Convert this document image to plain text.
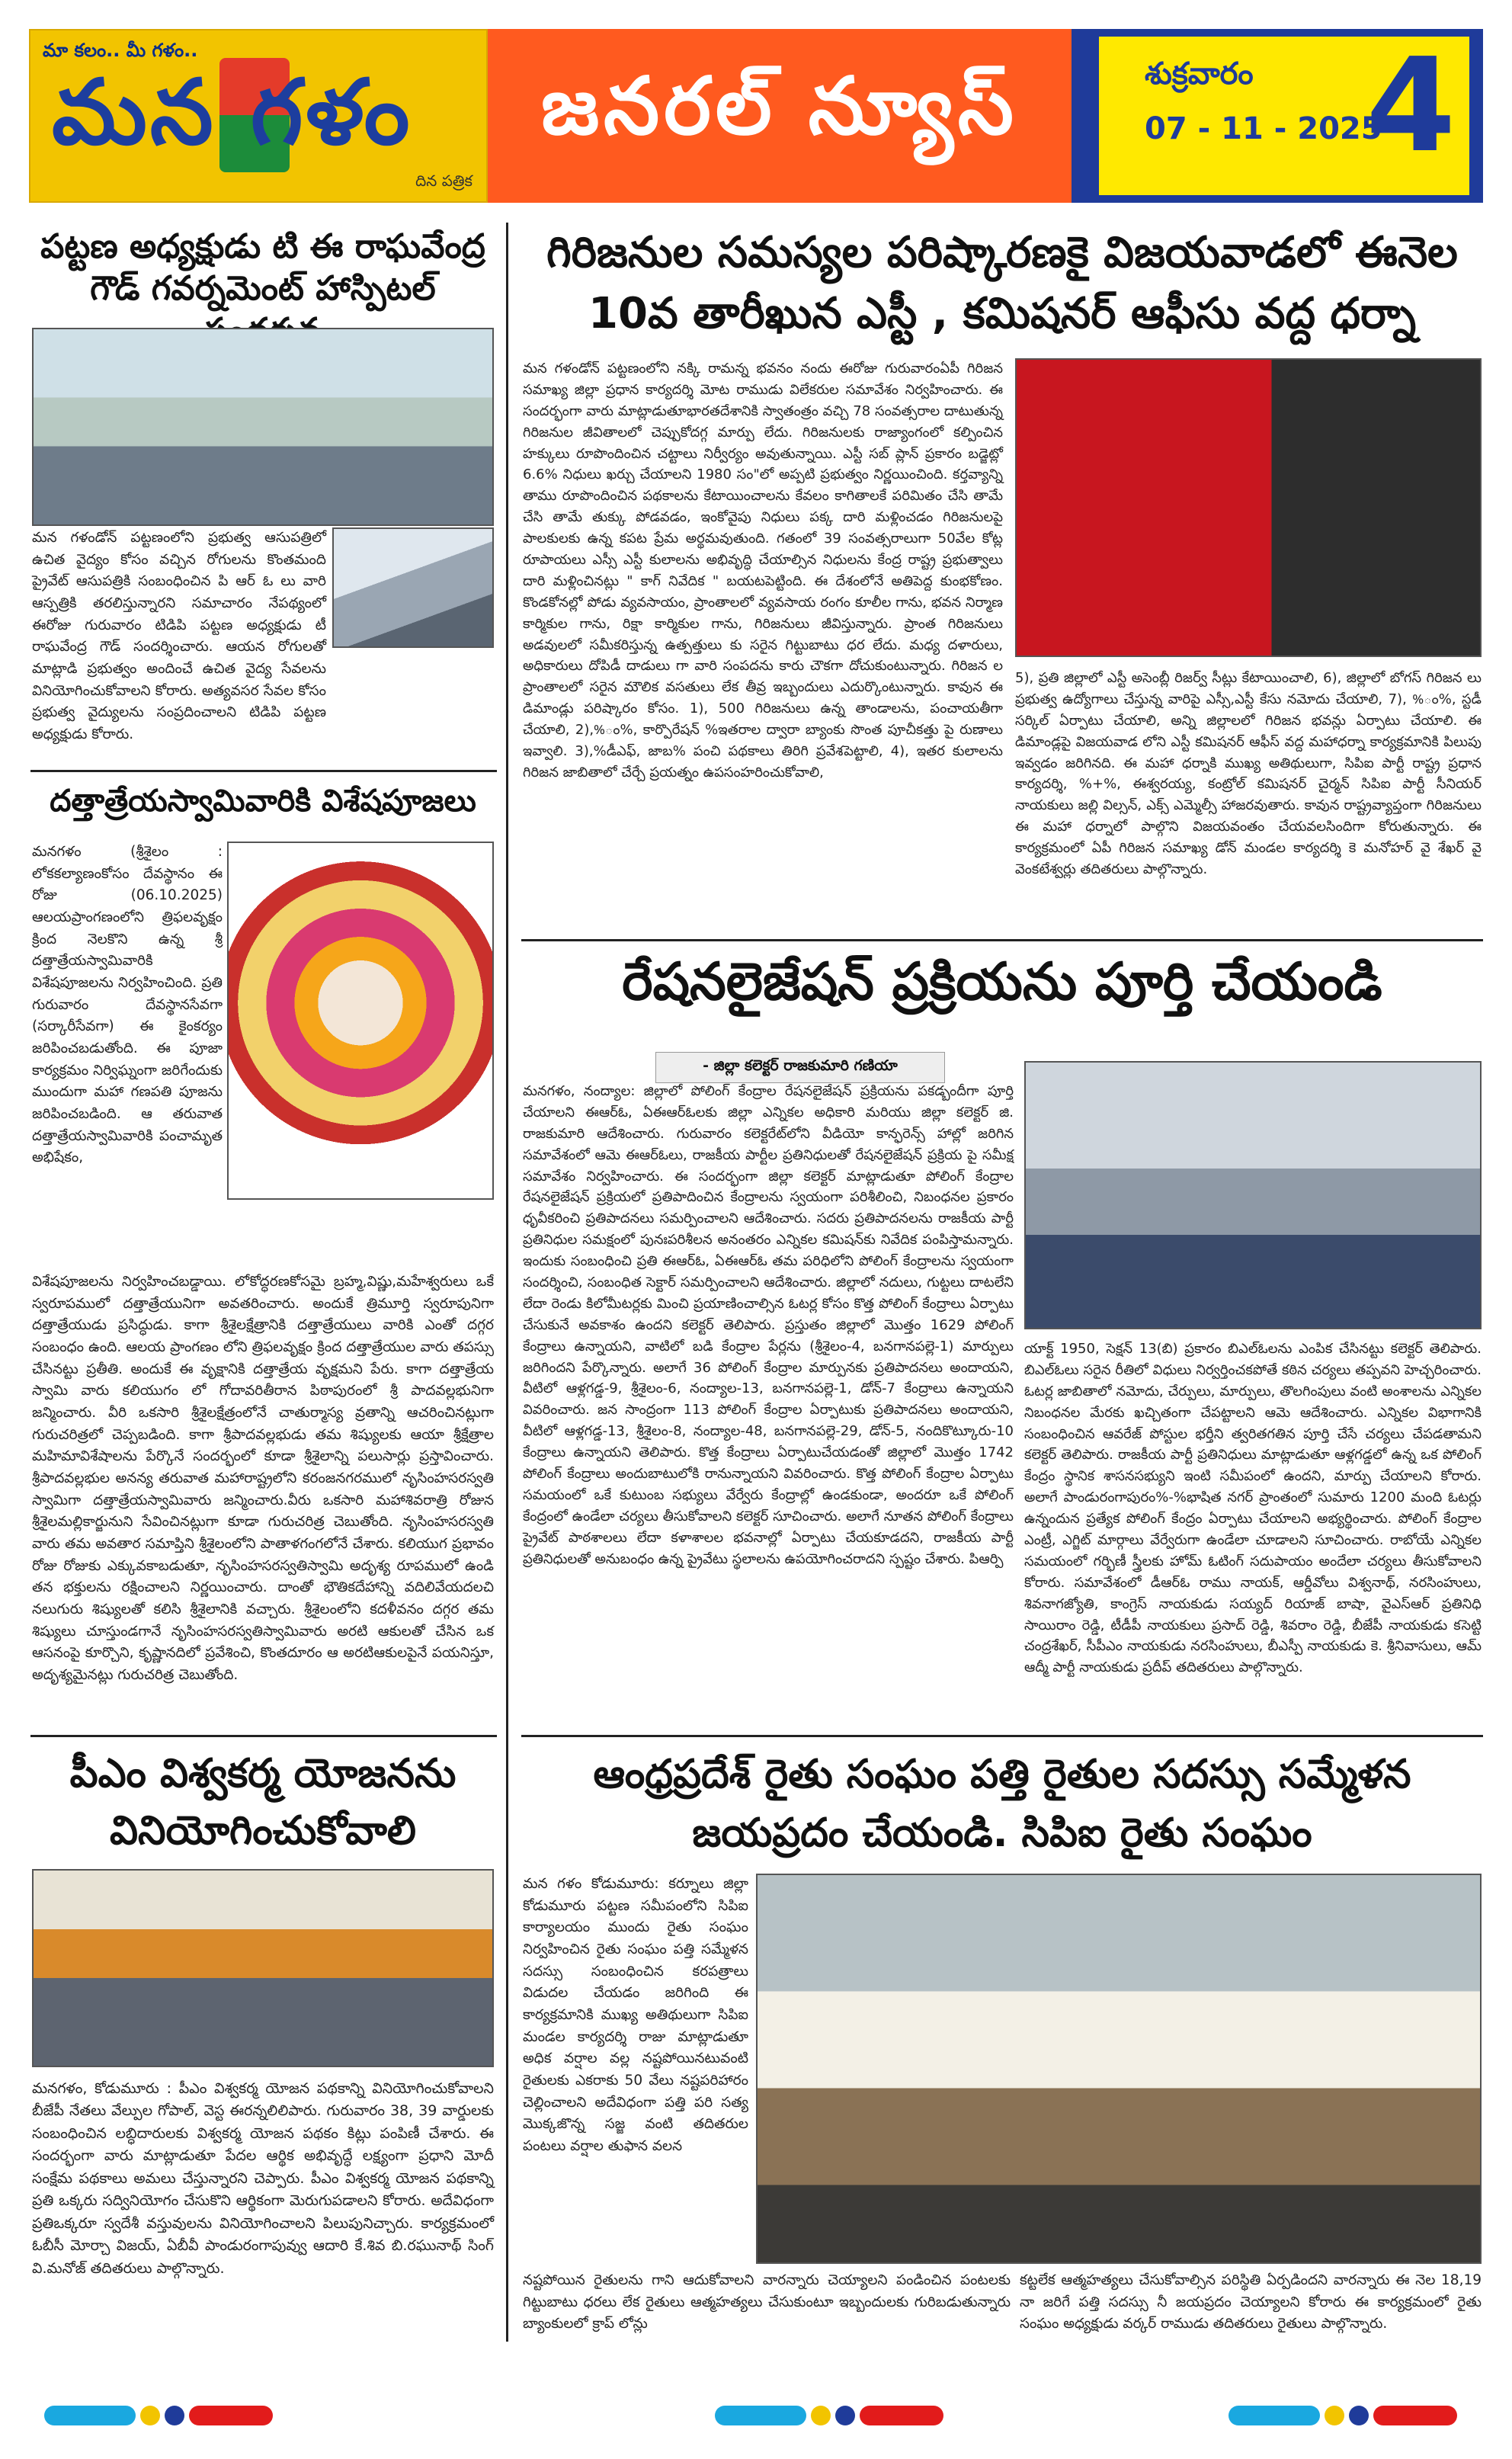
మా కలం.. మీ గళం..
మన గళం
దిన పత్రిక
జనరల్ న్యూస్	శుక్రవారం
07 - 11 - 2025
4
పట్టణ అధ్యక్షుడు టి ఈ రాఘవేంద్ర గౌడ్ గవర్నమెంట్ హాస్పిటల్
మన గళండోన్ పట్టణంలోని ప్రభుత్వ ఆసుపత్రిలో ఉచిత వైద్యం కోసం వచ్చిన రోగులను కొంతమంది ప్రైవేట్ ఆసుపత్రికి సంబంధించిన పి ఆర్ ఓ లు వారి ఆస్పత్రికి తరలిస్తున్నారని సమాచారం నేపథ్యంలో ఈరోజు గురువారం టిడిపి పట్టణ అధ్యక్షుడు టీ రాఘవేంద్ర గౌడ్ సందర్శించారు. ఆయన రోగులతో మాట్లాడి ప్రభుత్వం అందించే ఉచిత వైద్య సేవలను వినియోగించుకోవాలని కోరారు. అత్యవసర సేవల కోసం ప్రభుత్వ వైద్యులను సంప్రదించాలని టిడిపి పట్టణ అధ్యక్షుడు కోరారు.
దత్తాత్రేయస్వామివారికి విశేషపూజలు
మనగళం (శ్రీశైలం : లోకకల్యాణంకోసం దేవస్థానం ఈ రోజు (06.10.2025) ఆలయప్రాంగణంలోని త్రిఫలవృక్షం క్రింద నెలకొని ఉన్న శ్రీ దత్తాత్రేయస్వామివారికి విశేషపూజలను నిర్వహించింది. ప్రతి గురువారం దేవస్థానసేవగా (సర్కారీసేవగా) ఈ కైంకర్యం జరిపించబడుతోంది. ఈ పూజా కార్యక్రమం నిర్విఘ్నంగా జరిగేందుకు ముందుగా మహా గణపతి పూజను జరిపించబడింది. ఆ తరువాత దత్తాత్రేయస్వామివారికి పంచామృత అభిషేకం,
విశేషపూజలను నిర్వహించబడ్డాయి. లోకోద్ధరణకోసమై బ్రహ్మ,విష్ణు,మహేశ్వరులు ఒకే స్వరూపములో దత్తాత్రేయునిగా అవతరించారు. అందుకే త్రిమూర్తి స్వరూపునిగా దత్తాత్రేయుడు ప్రసిద్ధుడు. కాగా శ్రీశైలక్షేత్రానికి దత్తాత్రేయులు వారికి ఎంతో దగ్గర సంబంధం ఉంది. ఆలయ ప్రాంగణం లోని త్రిఫలవృక్షం క్రింద దత్తాత్రేయుల వారు తపస్సు చేసినట్టు ప్రతీతి. అందుకే ఈ వృక్షానికి దత్తాత్రేయ వృక్షమని పేరు. కాగా దత్తాత్రేయ స్వామి వారు కలియుగం లో గోదావరితీరాన పిఠాపురంలో శ్రీ పాదవల్లభునిగా జన్మించారు. వీరి ఒకసారి శ్రీశైలక్షేత్రంలోనే చాతుర్మాస్య వ్రతాన్ని ఆచరించినట్లుగా గురుచరిత్రలో చెప్పబడింది. కాగా శ్రీపాదవల్లభుడు తమ శిష్యులకు ఆయా శ్రీక్షేత్రాల మహిమావిశేషాలను పేర్కొనే సందర్భంలో కూడా శ్రీశైలాన్ని పలుసార్లు ప్రస్తావించారు. శ్రీపాదవల్లభుల అనన్య తరువాత మహారాష్ట్రలోని కరంజనగరములో నృసింహసరస్వతి స్వామిగా దత్తాత్రేయస్వామివారు జన్మించారు.వీరు ఒకసారి మహాశివరాత్రి రోజున శ్రీశైలమల్లికార్జునుని సేవించినట్లుగా కూడా గురుచరిత్ర చెబుతోంది. నృసింహసరస్వతి వారు తమ అవతార సమాప్తిని శ్రీశైలంలోని పాతాళగంగలోనే చేశారు. కలియుగ ప్రభావం రోజు రోజుకు ఎక్కువకాబడుతూ, నృసింహసరస్వతిస్వామి అదృశ్య రూపములో ఉండి తన భక్తులను రక్షించాలని నిర్ణయించారు. దాంతో భౌతికదేహాన్ని వదిలివేయదలచి నలుగురు శిష్యులతో కలిసి శ్రీశైలానికి వచ్చారు. శ్రీశైలంలోని కదళీవనం దగ్గర తమ శిష్యులు చూస్తుండగానే నృసింహసరస్వతిస్వామివారు అరటి ఆకులతో చేసిన ఒక ఆసనంపై కూర్చొని, కృష్ణానదిలో ప్రవేశించి, కొంతదూరం ఆ అరటిఆకులపైనే పయనిస్తూ, అదృశ్యమైనట్లు గురుచరిత్ర చెబుతోంది.
పీఎం విశ్వకర్మ యోజనను వినియోగించుకోవాలి
మనగళం, కోడుమూరు : పీఎం విశ్వకర్మ యోజన పథకాన్ని వినియోగించుకోవాలని బీజేపీ నేతలు వేల్పుల గోపాల్, వెస్ట ఈరన్నలిలిపారు. గురువారం 38, 39 వార్డులకు సంబంధించిన లబ్ధిదారులకు విశ్వకర్మ యోజన పథకం కిట్లు పంపిణీ చేశారు. ఈ సందర్భంగా వారు మాట్లాడుతూ పేదల ఆర్థిక అభివృద్ధే లక్ష్యంగా ప్రధాని మోదీ సంక్షేమ పథకాలు అమలు చేస్తున్నారని చెప్పారు. పీఎం విశ్వకర్మ యోజన పథకాన్ని ప్రతి ఒక్కరు సద్వినియోగం చేసుకొని ఆర్థికంగా మెరుగుపడాలని కోరారు. అదేవిధంగా ప్రతిఒక్కరూ స్వదేశీ వస్తువులను వినియోగించాలని పిలుపునిచ్చారు. కార్యక్రమంలో ఓబీసీ మోర్చా విజయ్, ఏబీవీ పాండురంగాపువ్వు ఆదారి కే.శివ బి.రఘునాథ్ సింగ్ వి.మనోజ్ తదితరులు పాల్గొన్నారు.
గిరిజనుల సమస్యల పరిష్కారణకై విజయవాడలో ఈనెల 10వ తారీఖున ఎస్టీ , కమిషనర్ ఆఫీసు వద్ద ధర్నా
మన గళండోన్ పట్టణంలోని నక్కి రామన్న భవనం నందు ఈరోజు గురువారంఏపీ గిరిజన సమాఖ్య జిల్లా ప్రధాన కార్యదర్శి మోట రాముడు విలేకరుల సమావేశం నిర్వహించారు. ఈ సందర్భంగా వారు మాట్లాడుతూభారతదేశానికి స్వాతంత్రం వచ్చి 78 సంవత్సరాల దాటుతున్న గిరిజనుల జీవితాలలో చెప్పుకోదగ్గ మార్పు లేదు. గిరిజనులకు రాజ్యాంగంలో కల్పించిన హక్కులు రూపొందించిన చట్టాలు నిర్వీర్యం అవుతున్నాయి. ఎస్టీ సబ్ ప్లాన్ ప్రకారం బడ్జెట్లో 6.6% నిధులు ఖర్చు చేయాలని 1980 సం"లో అప్పటి ప్రభుత్వం నిర్ణయించింది. కర్తవ్యాన్ని తాము రూపొందించిన పథకాలను కేటాయించాలను కేవలం కాగితాలకే పరిమితం చేసి తామే చేసి తామే తుక్కు పోడవడం, ఇంకోవైపు నిధులు పక్క దారి మళ్లించడం గిరిజనులపై పాలకులకు ఉన్న కపట ప్రేమ అర్థమవుతుంది. గతంలో 39 సంవత్సరాలుగా 50వేల కోట్ల రూపాయలు ఎస్సీ ఎస్టీ కులాలను అభివృద్ధి చేయాల్సిన నిధులను కేంద్ర రాష్ట్ర ప్రభుత్వాలు దారి మళ్లించినట్లు " కాగ్ నివేదిక " బయటపెట్టింది. ఈ దేశంలోనే అతిపెద్ద కుంభకోణం. కొండకోనల్లో పోడు వ్యవసాయం, ప్రాంతాలలో వ్యవసాయ రంగం కూలీల గాను, భవన నిర్మాణ కార్మికుల గాను, రిక్షా కార్మికుల గాను, గిరిజనులు జీవిస్తున్నారు. ప్రాంత గిరిజనులు అడవులలో సమీకరిస్తున్న ఉత్పత్తులు కు సరైన గిట్టుబాటు ధర లేదు. మధ్య దళారులు, అధికారులు దోపిడీ దాడులు గా వారి సంపదను కారు చౌకగా దోచుకుంటున్నారు. గిరిజన ల ప్రాంతాలలో సరైన మౌలిక వసతులు లేక తీవ్ర ఇబ్బందులు ఎదుర్కొంటున్నారు. కావున ఈ డిమాండ్లు పరిష్కారం కోసం. 1), 500 గిరిజనులు ఉన్న తాండాలను, పంచాయతీగా చేయాలి, 2),%ం%, కార్పొరేషన్ %ఇతరాల ద్వారా బ్యాంకు సొంత పూచీకత్తు పై రుణాలు ఇవ్వాలి. 3),%డీఎఫ్, జాబ% పంచి పథకాలు తిరిగి ప్రవేశపెట్టాలి, 4), ఇతర కులాలను గిరిజన జాబితాలో చేర్చే ప్రయత్నం ఉపసంహరించుకోవాలి,
5), ప్రతి జిల్లాలో ఎస్టీ అసెంబ్లీ రిజర్వ్ సీట్లు కేటాయించాలి, 6), జిల్లాలో బోగస్ గిరిజన లు ప్రభుత్వ ఉద్యోగాలు చేస్తున్న వారిపై ఎస్సీ,ఎస్టీ కేసు నమోదు చేయాలి, 7), %ం%, స్టడీ సర్కిల్ ఏర్పాటు చేయాలి, అన్ని జిల్లాలలో గిరిజన భవన్లు ఏర్పాటు చేయాలి. ఈ డిమాండ్లపై విజయవాడ లోని ఎస్టీ కమిషనర్ ఆఫీస్ వద్ద మహాధర్నా కార్యక్రమానికి పిలుపు ఇవ్వడం జరిగినది. ఈ మహా ధర్నాకి ముఖ్య అతిథులుగా, సిపిఐ పార్టీ రాష్ట్ర ప్రధాన కార్యదర్శి, %+%, ఈశ్వరయ్య, కంట్రోల్ కమిషనర్ చైర్మన్ సిపిఐ పార్టీ సీనియర్ నాయకులు జల్లి విల్సన్, ఎక్స్ ఎమ్మెల్సీ హాజరవుతారు. కావున రాష్ట్రవ్యాప్తంగా గిరిజనులు ఈ మహా ధర్నాలో పాల్గొని విజయవంతం చేయవలసిందిగా కోరుతున్నారు. ఈ కార్యక్రమంలో ఏపీ గిరిజన సమాఖ్య డోన్ మండల కార్యదర్శి కె మనోహర్ వై శేఖర్ వై వెంకటేశ్వర్లు తదితరులు పాల్గొన్నారు.
రేషనలైజేషన్ ప్రక్రియను పూర్తి చేయండి
- జిల్లా కలెక్టర్ రాజకుమారి గణియా
మనగళం, నంద్యాల: జిల్లాలో పోలింగ్ కేంద్రాల రేషనలైజేషన్ ప్రక్రియను పకడ్బందీగా పూర్తి చేయాలని ఈఆర్ఓ, ఏఈఆర్ఓలకు జిల్లా ఎన్నికల అధికారి మరియు జిల్లా కలెక్టర్ జి. రాజకుమారి ఆదేశించారు. గురువారం కలెక్టరేట్‌లోని వీడియో కాన్ఫరెన్స్ హాల్లో జరిగిన సమావేశంలో ఆమె ఈఆర్ఓలు, రాజకీయ పార్టీల ప్రతినిధులతో రేషనలైజేషన్ ప్రక్రియ పై సమీక్ష సమావేశం నిర్వహించారు. ఈ సందర్భంగా జిల్లా కలెక్టర్ మాట్లాడుతూ పోలింగ్ కేంద్రాల రేషనలైజేషన్ ప్రక్రియలో ప్రతిపాదించిన కేంద్రాలను స్వయంగా పరిశీలించి, నిబంధనల ప్రకారం ధృవీకరించి ప్రతిపాదనలు సమర్పించాలని ఆదేశించారు. సదరు ప్రతిపాదనలను రాజకీయ పార్టీ ప్రతినిధుల సమక్షంలో పునఃపరిశీలన అనంతరం ఎన్నికల కమిషన్‌కు నివేదిక పంపిస్తామన్నారు. ఇందుకు సంబంధించి ప్రతి ఈఆర్ఓ, ఏఈఆర్ఓ తమ పరిధిలోని పోలింగ్ కేంద్రాలను స్వయంగా సందర్శించి, సంబంధిత సెక్టార్ సమర్పించాలని ఆదేశించారు. జిల్లాలో నదులు, గుట్టలు దాటలేని లేదా రెండు కిలోమీటర్లకు మించి ప్రయాణించాల్సిన ఓటర్ల కోసం కొత్త పోలింగ్ కేంద్రాలు ఏర్పాటు చేసుకునే అవకాశం ఉందని కలెక్టర్ తెలిపారు. ప్రస్తుతం జిల్లాలో మొత్తం 1629 పోలింగ్ కేంద్రాలు ఉన్నాయని, వాటిలో బడి కేంద్రాల పేర్లను (శ్రీశైలం-4, బనగానపల్లె-1) మార్పులు జరిగిందని పేర్కొన్నారు. అలాగే 36 పోలింగ్ కేంద్రాల మార్పునకు ప్రతిపాదనలు అందాయని, వీటిలో ఆళ్లగడ్డ-9, శ్రీశైలం-6, నంద్యాల-13, బనగానపల్లె-1, డోన్-7 కేంద్రాలు ఉన్నాయని వివరించారు. జన సాంద్రంగా 113 పోలింగ్ కేంద్రాల ఏర్పాటుకు ప్రతిపాదనలు అందాయని, వీటిలో ఆళ్లగడ్డ-13, శ్రీశైలం-8, నంద్యాల-48, బనగానపల్లె-29, డోన్-5, నందికొట్కూరు-10 కేంద్రాలు ఉన్నాయని తెలిపారు. కొత్త కేంద్రాలు ఏర్పాటుచేయడంతో జిల్లాలో మొత్తం 1742 పోలింగ్ కేంద్రాలు అందుబాటులోకి రానున్నాయని వివరించారు. కొత్త పోలింగ్ కేంద్రాల ఏర్పాటు సమయంలో ఒకే కుటుంబ సభ్యులు వేర్వేరు కేంద్రాల్లో ఉండకుండా, అందరూ ఒకే పోలింగ్ కేంద్రంలో ఉండేలా చర్యలు తీసుకోవాలని కలెక్టర్ సూచించారు. అలాగే నూతన పోలింగ్ కేంద్రాలు ప్రైవేట్ పాఠశాలలు లేదా కళాశాలల భవనాల్లో ఏర్పాటు చేయకూడదని, రాజకీయ పార్టీ ప్రతినిధులతో అనుబంధం ఉన్న ప్రైవేటు స్థలాలను ఉపయోగించరాదని స్పష్టం చేశారు. పిఆర్పి
యాక్ట్ 1950, సెక్షన్ 13(బి) ప్రకారం బిఎల్ఓలను ఎంపిక చేసినట్టు కలెక్టర్ తెలిపారు. బిఎల్ఓలు సరైన రీతిలో విధులు నిర్వర్తించకపోతే కఠిన చర్యలు తప్పవని హెచ్చరించారు. ఓటర్ల జాబితాలో నమోదు, చేర్పులు, మార్పులు, తొలగింపులు వంటి అంశాలను ఎన్నికల నిబంధనల మేరకు ఖచ్చితంగా చేపట్టాలని ఆమె ఆదేశించారు. ఎన్నికల విభాగానికి సంబంధించిన ఆవరేజ్ పోస్టుల భర్తీని త్వరితగతిన పూర్తి చేసే చర్యలు చేపడతామని కలెక్టర్ తెలిపారు. రాజకీయ పార్టీ ప్రతినిధులు మాట్లాడుతూ ఆళ్లగడ్డలో ఉన్న ఒక పోలింగ్ కేంద్రం స్థానిక శాసనసభ్యుని ఇంటి సమీపంలో ఉందని, మార్పు చేయాలని కోరారు. అలాగే పాండురంగాపురం%-%భాషిత నగర్ ప్రాంతంలో సుమారు 1200 మంది ఓటర్లు ఉన్నందున ప్రత్యేక పోలింగ్ కేంద్రం ఏర్పాటు చేయాలని అభ్యర్థించారు. పోలింగ్ కేంద్రాల ఎంట్రీ, ఎగ్జిట్ మార్గాలు వేర్వేరుగా ఉండేలా చూడాలని సూచించారు. రాబోయే ఎన్నికల సమయంలో గర్భిణీ స్త్రీలకు హోమ్ ఓటింగ్ సదుపాయం అందేలా చర్యలు తీసుకోవాలని కోరారు. సమావేశంలో డీఆర్ఓ రాము నాయక్, ఆర్డీవోలు విశ్వనాథ్, నరసింహులు, శివనాగజ్యోతి, కాంగ్రెస్ నాయకుడు సయ్యద్ రియాజ్ బాషా, వైఎస్ఆర్ ప్రతినిధి సాయిరాం రెడ్డి, టీడీపీ నాయకులు ప్రసాద్ రెడ్డి, శివరాం రెడ్డి, బీజేపీ నాయకుడు కసెట్టి చంద్రశేఖర్, సీపీఎం నాయకుడు నరసింహులు, బీఎస్పీ నాయకుడు కె. శ్రీనివాసులు, ఆమ్ ఆద్మీ పార్టీ నాయకుడు ప్రదీప్ తదితరులు పాల్గొన్నారు.
ఆంధ్రప్రదేశ్ రైతు సంఘం పత్తి రైతుల సదస్సు సమ్మేళన జయప్రదం చేయండి. సిపిఐ రైతు సంఘం
మన గళం కోడుమూరు: కర్నూలు జిల్లా కోడుమూరు పట్టణ సమీపంలోని సిపిఐ కార్యాలయం ముందు రైతు సంఘం నిర్వహించిన రైతు సంఘం పత్తి సమ్మేళన సదస్సు సంబంధించిన కరపత్రాలు విడుదల చేయడం జరిగింది ఈ కార్యక్రమానికి ముఖ్య అతిథులుగా సిపిఐ మండల కార్యదర్శి రాజు మాట్లాడుతూ అధిక వర్షాల వల్ల నష్టపోయినటువంటి రైతులకు ఎకరాకు 50 వేలు నష్టపరిహారం చెల్లించాలని అదేవిధంగా పత్తి పరి సత్య మొక్కజొన్న సజ్జ వంటి తదితరుల పంటలు వర్షాల తుఫాన వలన
నష్టపోయిన రైతులను గాని ఆదుకోవాలని వారన్నారు చెయ్యాలని పండించిన పంటలకు గిట్టుబాటు ధరలు లేక రైతులు ఆత్మహత్యలు చేసుకుంటూ ఇబ్బందులకు గురిబడుతున్నారు బ్యాంకులలో క్రాప్ లోన్లు
కట్టలేక ఆత్మహత్యలు చేసుకోవాల్సిన పరిస్థితి ఏర్పడిందని వారన్నారు ఈ నెల 18,19 నా జరిగే పత్తి సదస్సు నీ జయప్రదం చెయ్యాలని కోరారు ఈ కార్యక్రమంలో రైతు సంఘం అధ్యక్షుడు వర్కర్ రాముడు తదితరులు రైతులు పాల్గొన్నారు.
